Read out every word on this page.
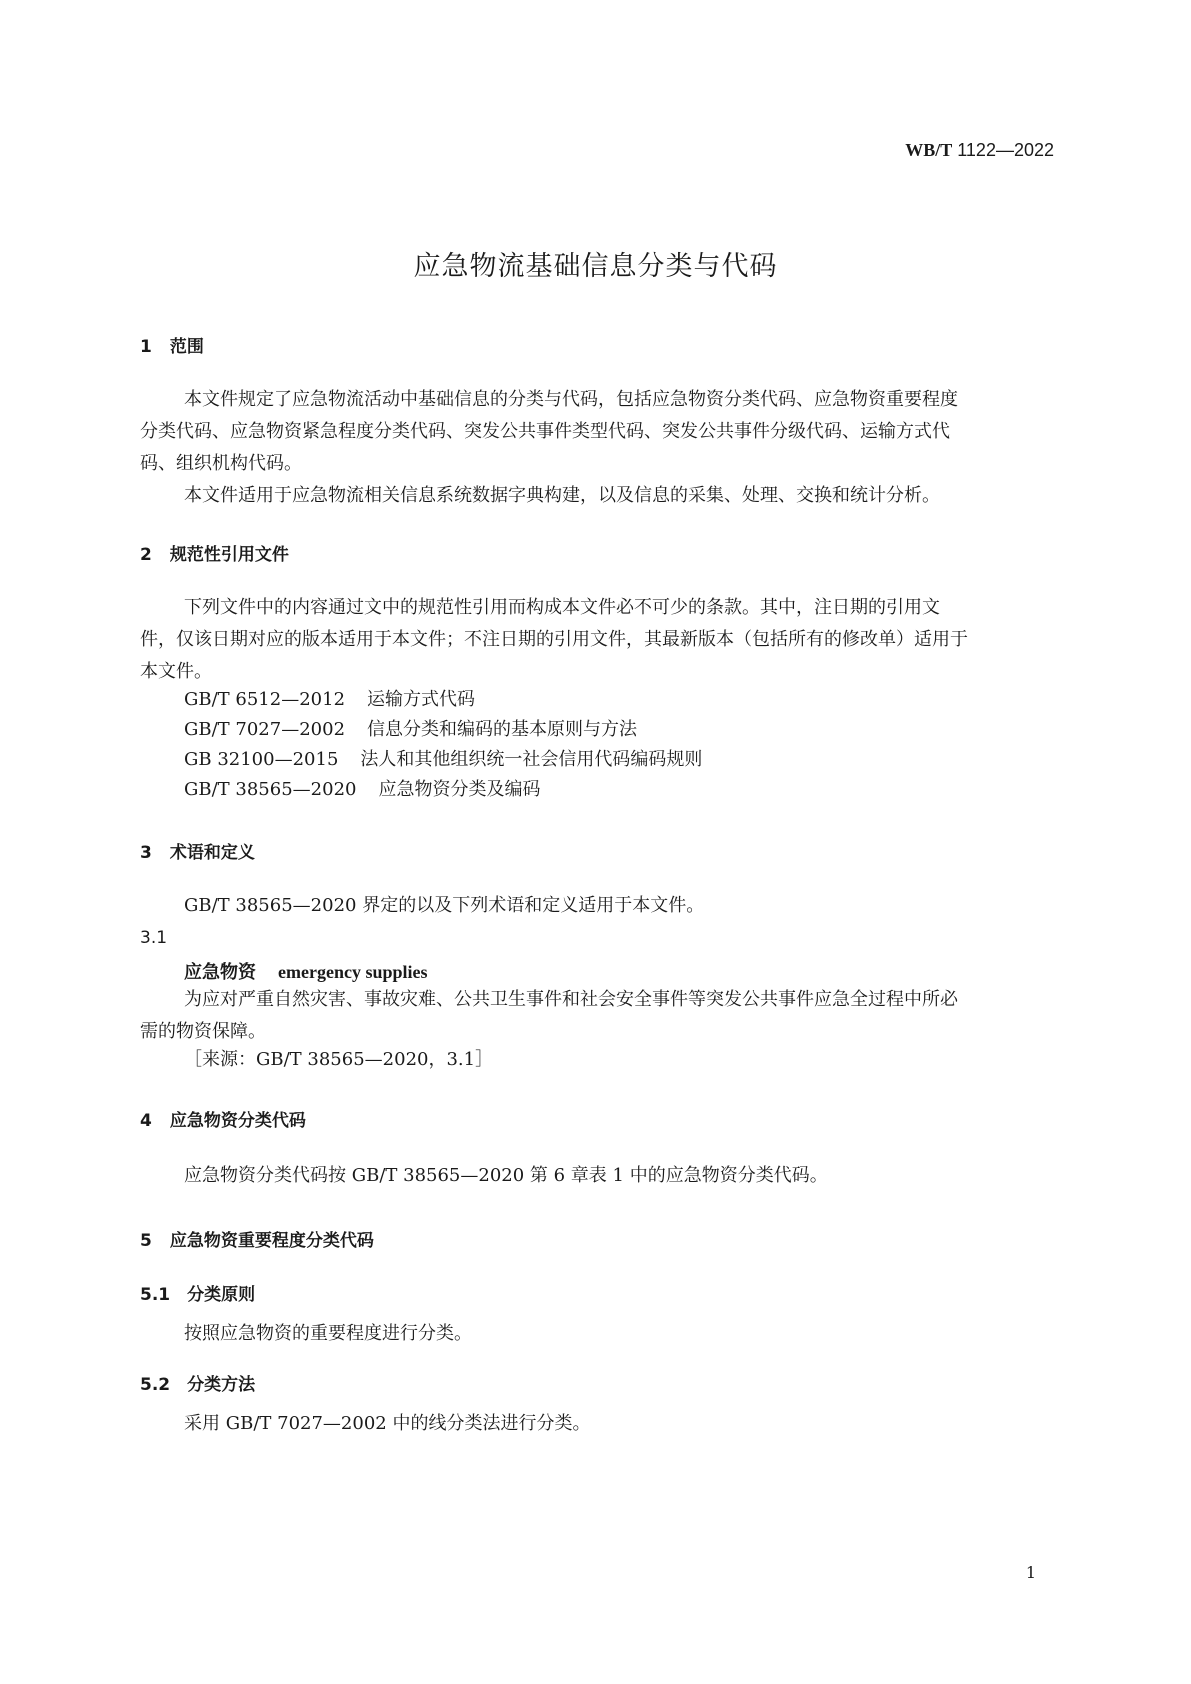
WB/T 1122—2022
应急物流基础信息分类与代码
1 范围
本文件规定了应急物流活动中基础信息的分类与代码，包括应急物资分类代码、应急物资重要程度
分类代码、应急物资紧急程度分类代码、突发公共事件类型代码、突发公共事件分级代码、运输方式代
码、组织机构代码。
本文件适用于应急物流相关信息系统数据字典构建，以及信息的采集、处理、交换和统计分析。
2 规范性引用文件
下列文件中的内容通过文中的规范性引用而构成本文件必不可少的条款。其中，注日期的引用文
件，仅该日期对应的版本适用于本文件；不注日期的引用文件，其最新版本（包括所有的修改单）适用于
本文件。
GB/T 6512—2012 运输方式代码
GB/T 7027—2002 信息分类和编码的基本原则与方法
GB 32100—2015 法人和其他组织统一社会信用代码编码规则
GB/T 38565—2020 应急物资分类及编码
3 术语和定义
GB/T 38565—2020 界定的以及下列术语和定义适用于本文件。
3.1
应急物资 emergency supplies
为应对严重自然灾害、事故灾难、公共卫生事件和社会安全事件等突发公共事件应急全过程中所必
需的物资保障。
［来源：GB/T 38565—2020，3.1］
4 应急物资分类代码
应急物资分类代码按 GB/T 38565—2020 第 6 章表 1 中的应急物资分类代码。
5 应急物资重要程度分类代码
5.1 分类原则
按照应急物资的重要程度进行分类。
5.2 分类方法
采用 GB/T 7027—2002 中的线分类法进行分类。
1
